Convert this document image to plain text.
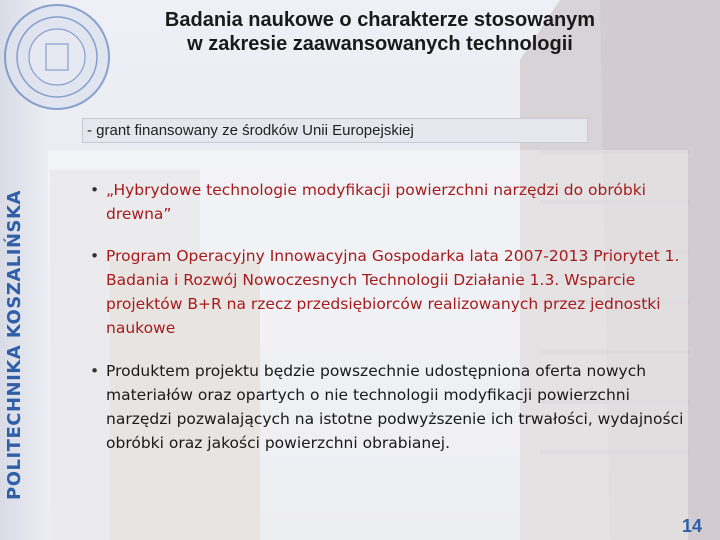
POLITECHNIKA KOSZALIŃSKA
Badania naukowe o charakterze stosowanym
w zakresie zaawansowanych technologii
- grant finansowany ze środków Unii Europejskiej

• „Hybrydowe technologie modyfikacji powierzchni narzędzi do obróbki drewna”

• Program Operacyjny Innowacyjna Gospodarka lata 2007-2013 Priorytet 1. Badania i Rozwój Nowoczesnych Technologii Działanie 1.3. Wsparcie projektów B+R na rzecz przedsiębiorców realizowanych przez jednostki naukowe

• Produktem projektu będzie powszechnie udostępniona oferta nowych materiałów oraz opartych o nie technologii modyfikacji powierzchni narzędzi pozwalających na istotne podwyższenie ich trwałości, wydajności obróbki oraz jakości powierzchni obrabianej.

14
